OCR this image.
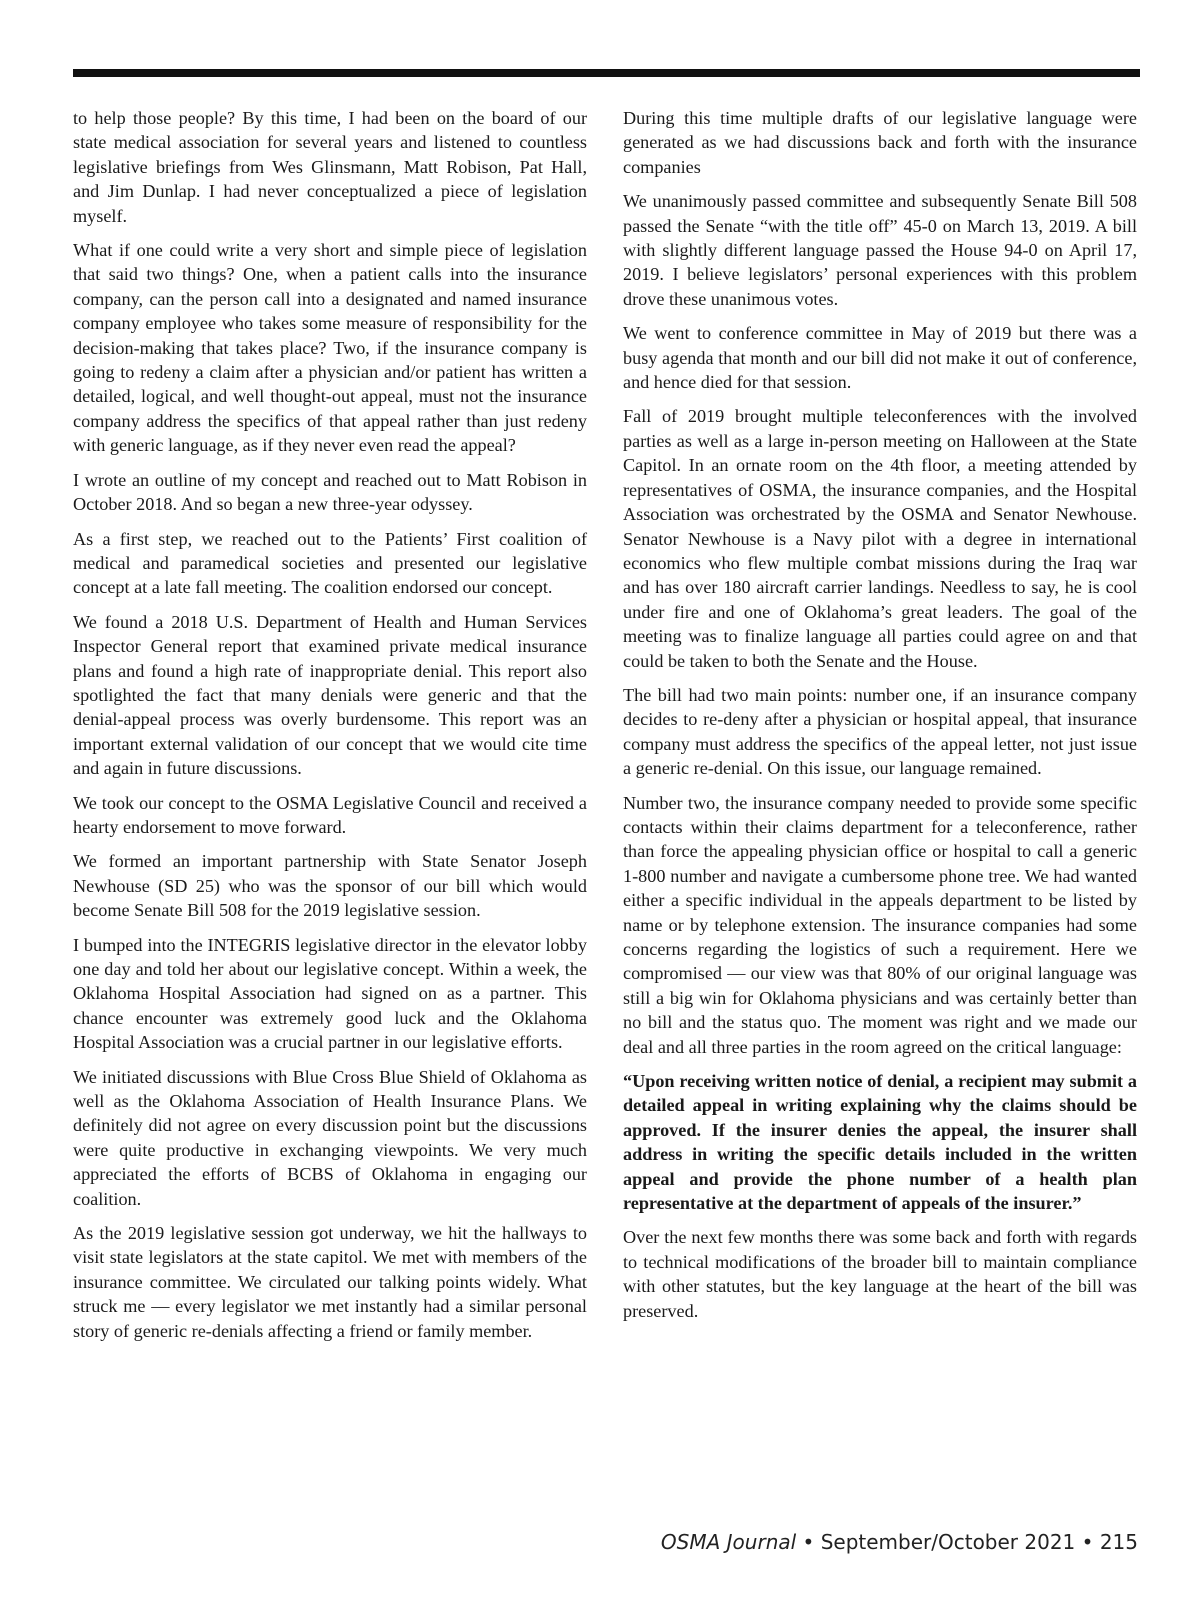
to help those people? By this time, I had been on the board of our state medical association for several years and listened to countless legislative briefings from Wes Glinsmann, Matt Robison, Pat Hall, and Jim Dunlap. I had never conceptualized a piece of legislation myself.

What if one could write a very short and simple piece of legislation that said two things? One, when a patient calls into the insurance company, can the person call into a designated and named insurance company employee who takes some measure of responsibility for the decision-making that takes place? Two, if the insurance company is going to redeny a claim after a physician and/or patient has written a detailed, logical, and well thought-out appeal, must not the insurance company address the specifics of that appeal rather than just redeny with generic language, as if they never even read the appeal?

I wrote an outline of my concept and reached out to Matt Robison in October 2018. And so began a new three-year odyssey.

As a first step, we reached out to the Patients’ First coalition of medical and paramedical societies and presented our legislative concept at a late fall meeting. The coalition endorsed our concept.

We found a 2018 U.S. Department of Health and Human Services Inspector General report that examined private medical insurance plans and found a high rate of inappropriate denial. This report also spotlighted the fact that many denials were generic and that the denial-appeal process was overly burdensome. This report was an important external validation of our concept that we would cite time and again in future discussions.

We took our concept to the OSMA Legislative Council and received a hearty endorsement to move forward.

We formed an important partnership with State Senator Joseph Newhouse (SD 25) who was the sponsor of our bill which would become Senate Bill 508 for the 2019 legislative session.

I bumped into the INTEGRIS legislative director in the elevator lobby one day and told her about our legislative concept. Within a week, the Oklahoma Hospital Association had signed on as a partner. This chance encounter was extremely good luck and the Oklahoma Hospital Association was a crucial partner in our legislative efforts.

We initiated discussions with Blue Cross Blue Shield of Oklahoma as well as the Oklahoma Association of Health Insurance Plans. We definitely did not agree on every discussion point but the discussions were quite productive in exchanging viewpoints. We very much appreciated the efforts of BCBS of Oklahoma in engaging our coalition.

As the 2019 legislative session got underway, we hit the hallways to visit state legislators at the state capitol. We met with members of the insurance committee. We circulated our talking points widely. What struck me — every legislator we met instantly had a similar personal story of generic re-denials affecting a friend or family member.

During this time multiple drafts of our legislative language were generated as we had discussions back and forth with the insurance companies

We unanimously passed committee and subsequently Senate Bill 508 passed the Senate “with the title off” 45-0 on March 13, 2019. A bill with slightly different language passed the House 94-0 on April 17, 2019. I believe legislators’ personal experiences with this problem drove these unanimous votes.

We went to conference committee in May of 2019 but there was a busy agenda that month and our bill did not make it out of conference, and hence died for that session.

Fall of 2019 brought multiple teleconferences with the involved parties as well as a large in-person meeting on Halloween at the State Capitol. In an ornate room on the 4th floor, a meeting attended by representatives of OSMA, the insurance companies, and the Hospital Association was orchestrated by the OSMA and Senator Newhouse. Senator Newhouse is a Navy pilot with a degree in international economics who flew multiple combat missions during the Iraq war and has over 180 aircraft carrier landings. Needless to say, he is cool under fire and one of Oklahoma’s great leaders. The goal of the meeting was to finalize language all parties could agree on and that could be taken to both the Senate and the House.

The bill had two main points: number one, if an insurance company decides to re-deny after a physician or hospital appeal, that insurance company must address the specifics of the appeal letter, not just issue a generic re-denial. On this issue, our language remained.

Number two, the insurance company needed to provide some specific contacts within their claims department for a teleconference, rather than force the appealing physician office or hospital to call a generic 1-800 number and navigate a cumbersome phone tree. We had wanted either a specific individual in the appeals department to be listed by name or by telephone extension. The insurance companies had some concerns regarding the logistics of such a requirement. Here we compromised — our view was that 80% of our original language was still a big win for Oklahoma physicians and was certainly better than no bill and the status quo. The moment was right and we made our deal and all three parties in the room agreed on the critical language:

“Upon receiving written notice of denial, a recipient may submit a detailed appeal in writing explaining why the claims should be approved. If the insurer denies the appeal, the insurer shall address in writing the specific details included in the written appeal and provide the phone number of a health plan representative at the department of appeals of the insurer.”

Over the next few months there was some back and forth with regards to technical modifications of the broader bill to maintain compliance with other statutes, but the key language at the heart of the bill was preserved.

OSMA Journal • September/October 2021 • 215
